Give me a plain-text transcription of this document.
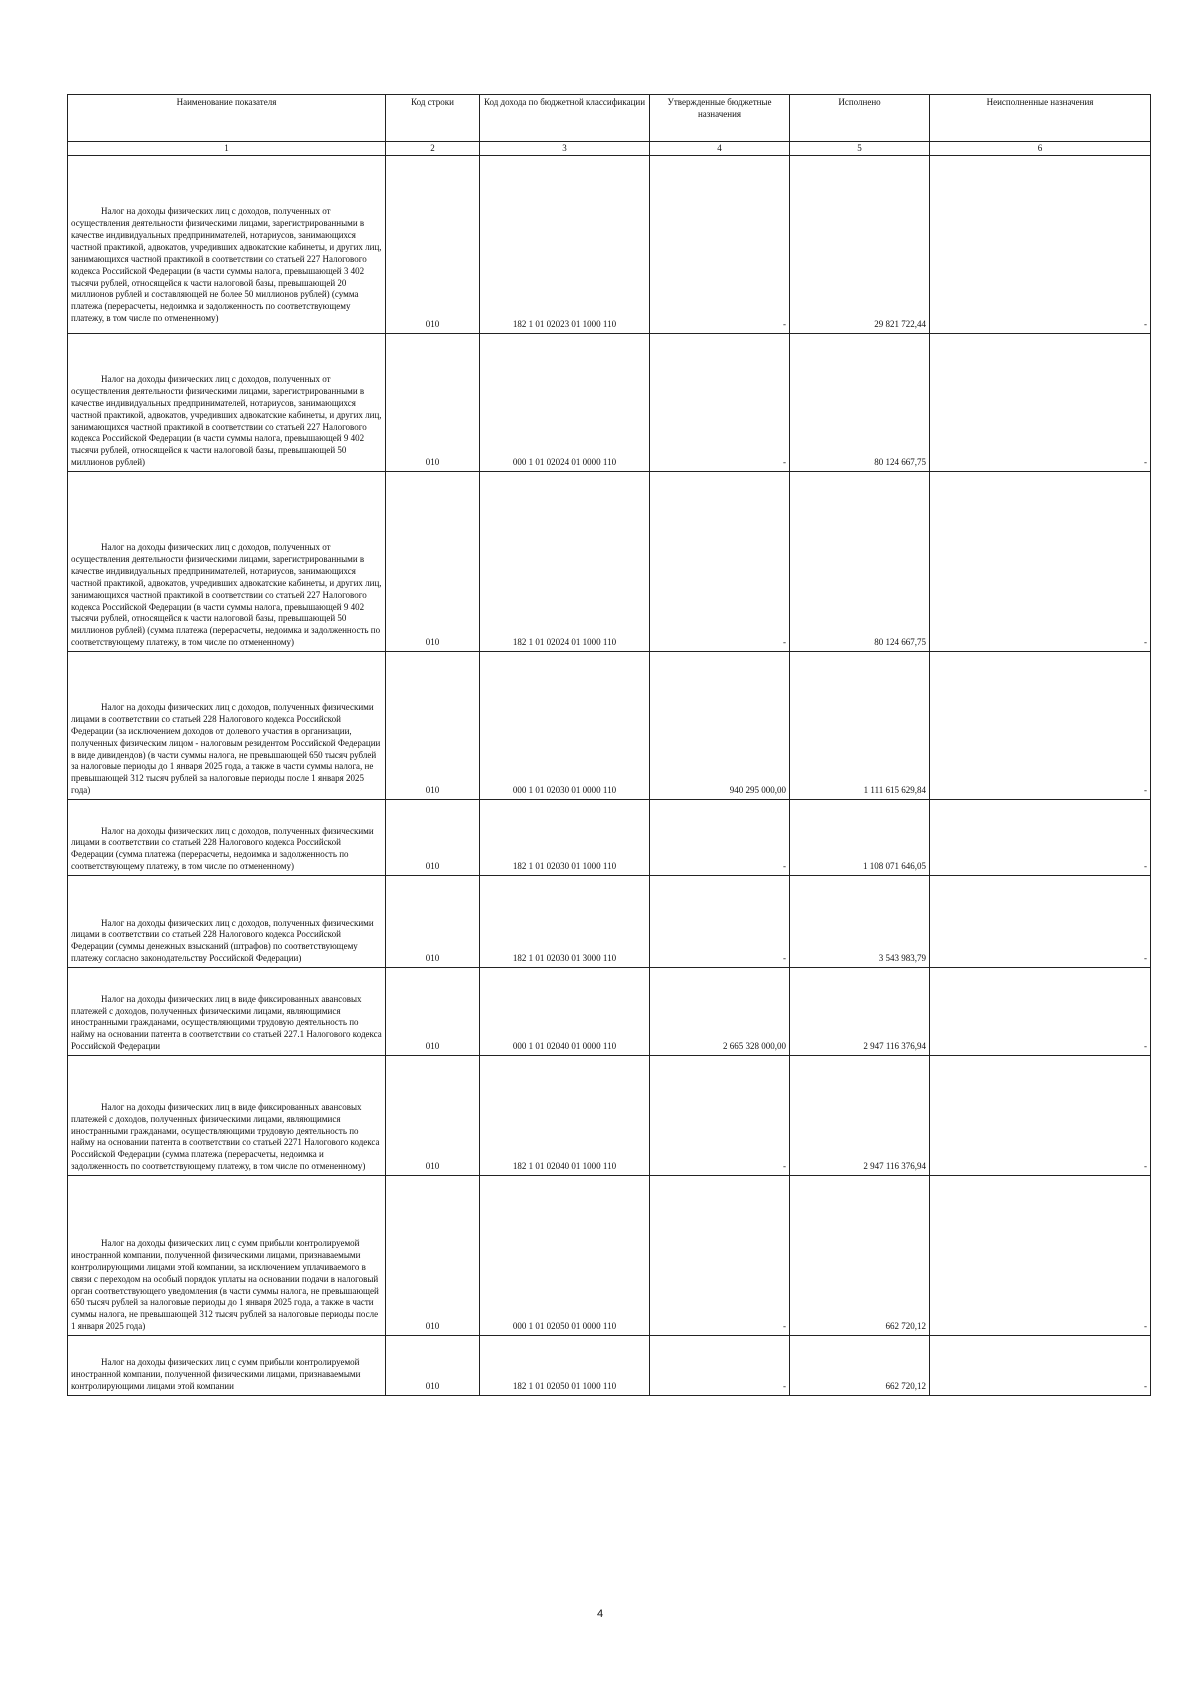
Наименование показателя	Код строки	Код дохода по бюджетной классификации	Утвержденные бюджетные назначения	Исполнено	Неисполненные назначения
1	2	3	4	5	6

Налог на доходы физических лиц с доходов, полученных от осуществления деятельности физическими лицами, зарегистрированными в качестве индивидуальных предпринимателей, нотариусов, занимающихся частной практикой, адвокатов, учредивших адвокатские кабинеты, и других лиц, занимающихся частной практикой в соответствии со статьей 227 Налогового кодекса Российской Федерации (в части суммы налога, превышающей 3 402 тысячи рублей, относящейся к части налоговой базы, превышающей 20 миллионов рублей и составляющей не более 50 миллионов рублей) (сумма платежа (перерасчеты, недоимка и задолженность по соответствующему платежу, в том числе по отмененному)	010	182 1 01 02023 01 1000 110	-	29 821 722,44	-

Налог на доходы физических лиц с доходов, полученных от осуществления деятельности физическими лицами, зарегистрированными в качестве индивидуальных предпринимателей, нотариусов, занимающихся частной практикой, адвокатов, учредивших адвокатские кабинеты, и других лиц, занимающихся частной практикой в соответствии со статьей 227 Налогового кодекса Российской Федерации (в части суммы налога, превышающей 9 402 тысячи рублей, относящейся к части налоговой базы, превышающей 50 миллионов рублей)	010	000 1 01 02024 01 0000 110	-	80 124 667,75	-

Налог на доходы физических лиц с доходов, полученных от осуществления деятельности физическими лицами, зарегистрированными в качестве индивидуальных предпринимателей, нотариусов, занимающихся частной практикой, адвокатов, учредивших адвокатские кабинеты, и других лиц, занимающихся частной практикой в соответствии со статьей 227 Налогового кодекса Российской Федерации (в части суммы налога, превышающей 9 402 тысячи рублей, относящейся к части налоговой базы, превышающей 50 миллионов рублей) (сумма платежа (перерасчеты, недоимка и задолженность по соответствующему платежу, в том числе по отмененному)	010	182 1 01 02024 01 1000 110	-	80 124 667,75	-

Налог на доходы физических лиц с доходов, полученных физическими лицами в соответствии со статьей 228 Налогового кодекса Российской Федерации (за исключением доходов от долевого участия в организации, полученных физическим лицом - налоговым резидентом Российской Федерации в виде дивидендов) (в части суммы налога, не превышающей 650 тысяч рублей за налоговые периоды до 1 января 2025 года, а также в части суммы налога, не превышающей 312 тысяч рублей за налоговые периоды после 1 января 2025 года)	010	000 1 01 02030 01 0000 110	940 295 000,00	1 111 615 629,84	-

Налог на доходы физических лиц с доходов, полученных физическими лицами в соответствии со статьей 228 Налогового кодекса Российской Федерации (сумма платежа (перерасчеты, недоимка и задолженность по соответствующему платежу, в том числе по отмененному)	010	182 1 01 02030 01 1000 110	-	1 108 071 646,05	-

Налог на доходы физических лиц с доходов, полученных физическими лицами в соответствии со статьей 228 Налогового кодекса Российской Федерации (суммы денежных взысканий (штрафов) по соответствующему платежу согласно законодательству Российской Федерации)	010	182 1 01 02030 01 3000 110	-	3 543 983,79	-

Налог на доходы физических лиц в виде фиксированных авансовых платежей с доходов, полученных физическими лицами, являющимися иностранными гражданами, осуществляющими трудовую деятельность по найму на основании патента в соответствии со статьей 227.1 Налогового кодекса Российской Федерации	010	000 1 01 02040 01 0000 110	2 665 328 000,00	2 947 116 376,94	-

Налог на доходы физических лиц в виде фиксированных авансовых платежей с доходов, полученных физическими лицами, являющимися иностранными гражданами, осуществляющими трудовую деятельность по найму на основании патента в соответствии со статьей 2271 Налогового кодекса Российской Федерации (сумма платежа (перерасчеты, недоимка и задолженность по соответствующему платежу, в том числе по отмененному)	010	182 1 01 02040 01 1000 110	-	2 947 116 376,94	-

Налог на доходы физических лиц с сумм прибыли контролируемой иностранной компании, полученной физическими лицами, признаваемыми контролирующими лицами этой компании, за исключением уплачиваемого в связи с переходом на особый порядок уплаты на основании подачи в налоговый орган соответствующего уведомления (в части суммы налога, не превышающей 650 тысяч рублей за налоговые периоды до 1 января 2025 года, а также в части суммы налога, не превышающей 312 тысяч рублей за налоговые периоды после 1 января 2025 года)	010	000 1 01 02050 01 0000 110	-	662 720,12	-

Налог на доходы физических лиц с сумм прибыли контролируемой иностранной компании, полученной физическими лицами, признаваемыми контролирующими лицами этой компании	010	182 1 01 02050 01 1000 110	-	662 720,12	-
4
